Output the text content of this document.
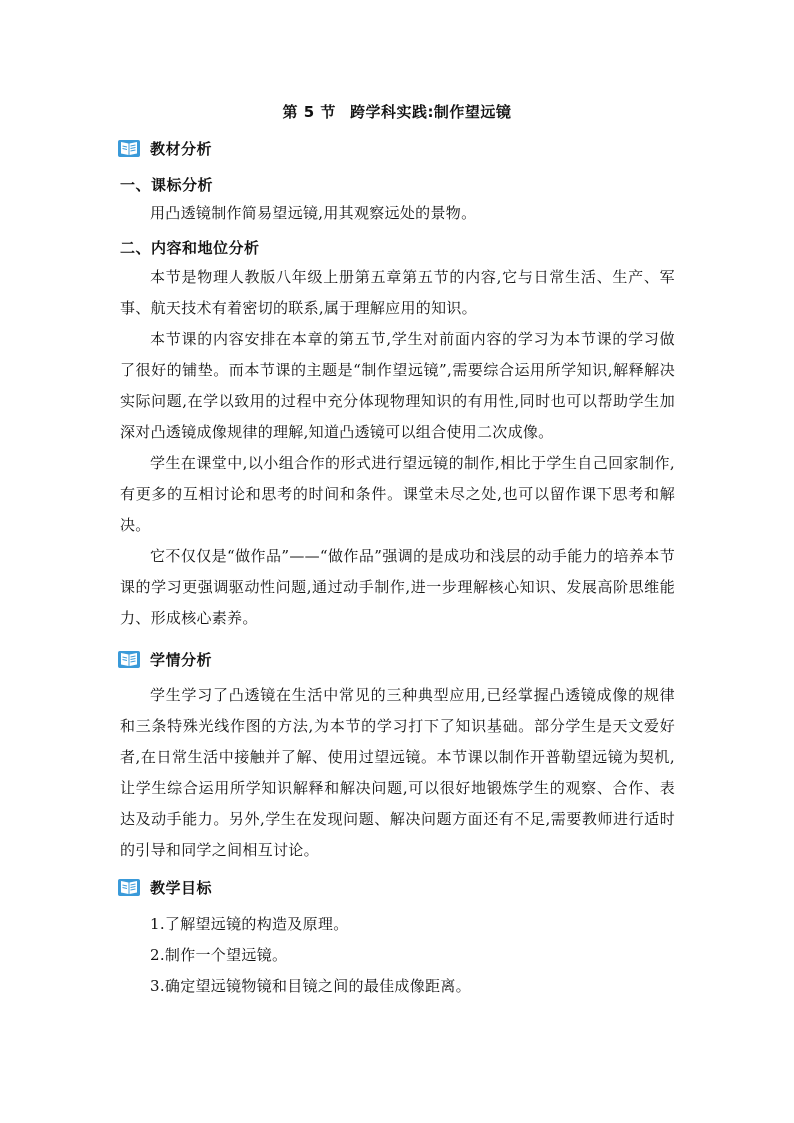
第 5 节 跨学科实践:制作望远镜
教材分析
一、课标分析

用凸透镜制作简易望远镜,用其观察远处的景物。

二、内容和地位分析

本节是物理人教版八年级上册第五章第五节的内容,它与日常生活、生产、军事、航天技术有着密切的联系,属于理解应用的知识。

本节课的内容安排在本章的第五节,学生对前面内容的学习为本节课的学习做了很好的铺垫。而本节课的主题是“制作望远镜”,需要综合运用所学知识,解释解决实际问题,在学以致用的过程中充分体现物理知识的有用性,同时也可以帮助学生加深对凸透镜成像规律的理解,知道凸透镜可以组合使用二次成像。

学生在课堂中,以小组合作的形式进行望远镜的制作,相比于学生自己回家制作,有更多的互相讨论和思考的时间和条件。课堂未尽之处,也可以留作课下思考和解决。

它不仅仅是“做作品”——“做作品”强调的是成功和浅层的动手能力的培养本节课的学习更强调驱动性问题,通过动手制作,进一步理解核心知识、发展高阶思维能力、形成核心素养。

学情分析

学生学习了凸透镜在生活中常见的三种典型应用,已经掌握凸透镜成像的规律和三条特殊光线作图的方法,为本节的学习打下了知识基础。部分学生是天文爱好者,在日常生活中接触并了解、使用过望远镜。本节课以制作开普勒望远镜为契机,让学生综合运用所学知识解释和解决问题,可以很好地锻炼学生的观察、合作、表达及动手能力。另外,学生在发现问题、解决问题方面还有不足,需要教师进行适时的引导和同学之间相互讨论。

教学目标

1.了解望远镜的构造及原理。

2.制作一个望远镜。

3.确定望远镜物镜和目镜之间的最佳成像距离。
